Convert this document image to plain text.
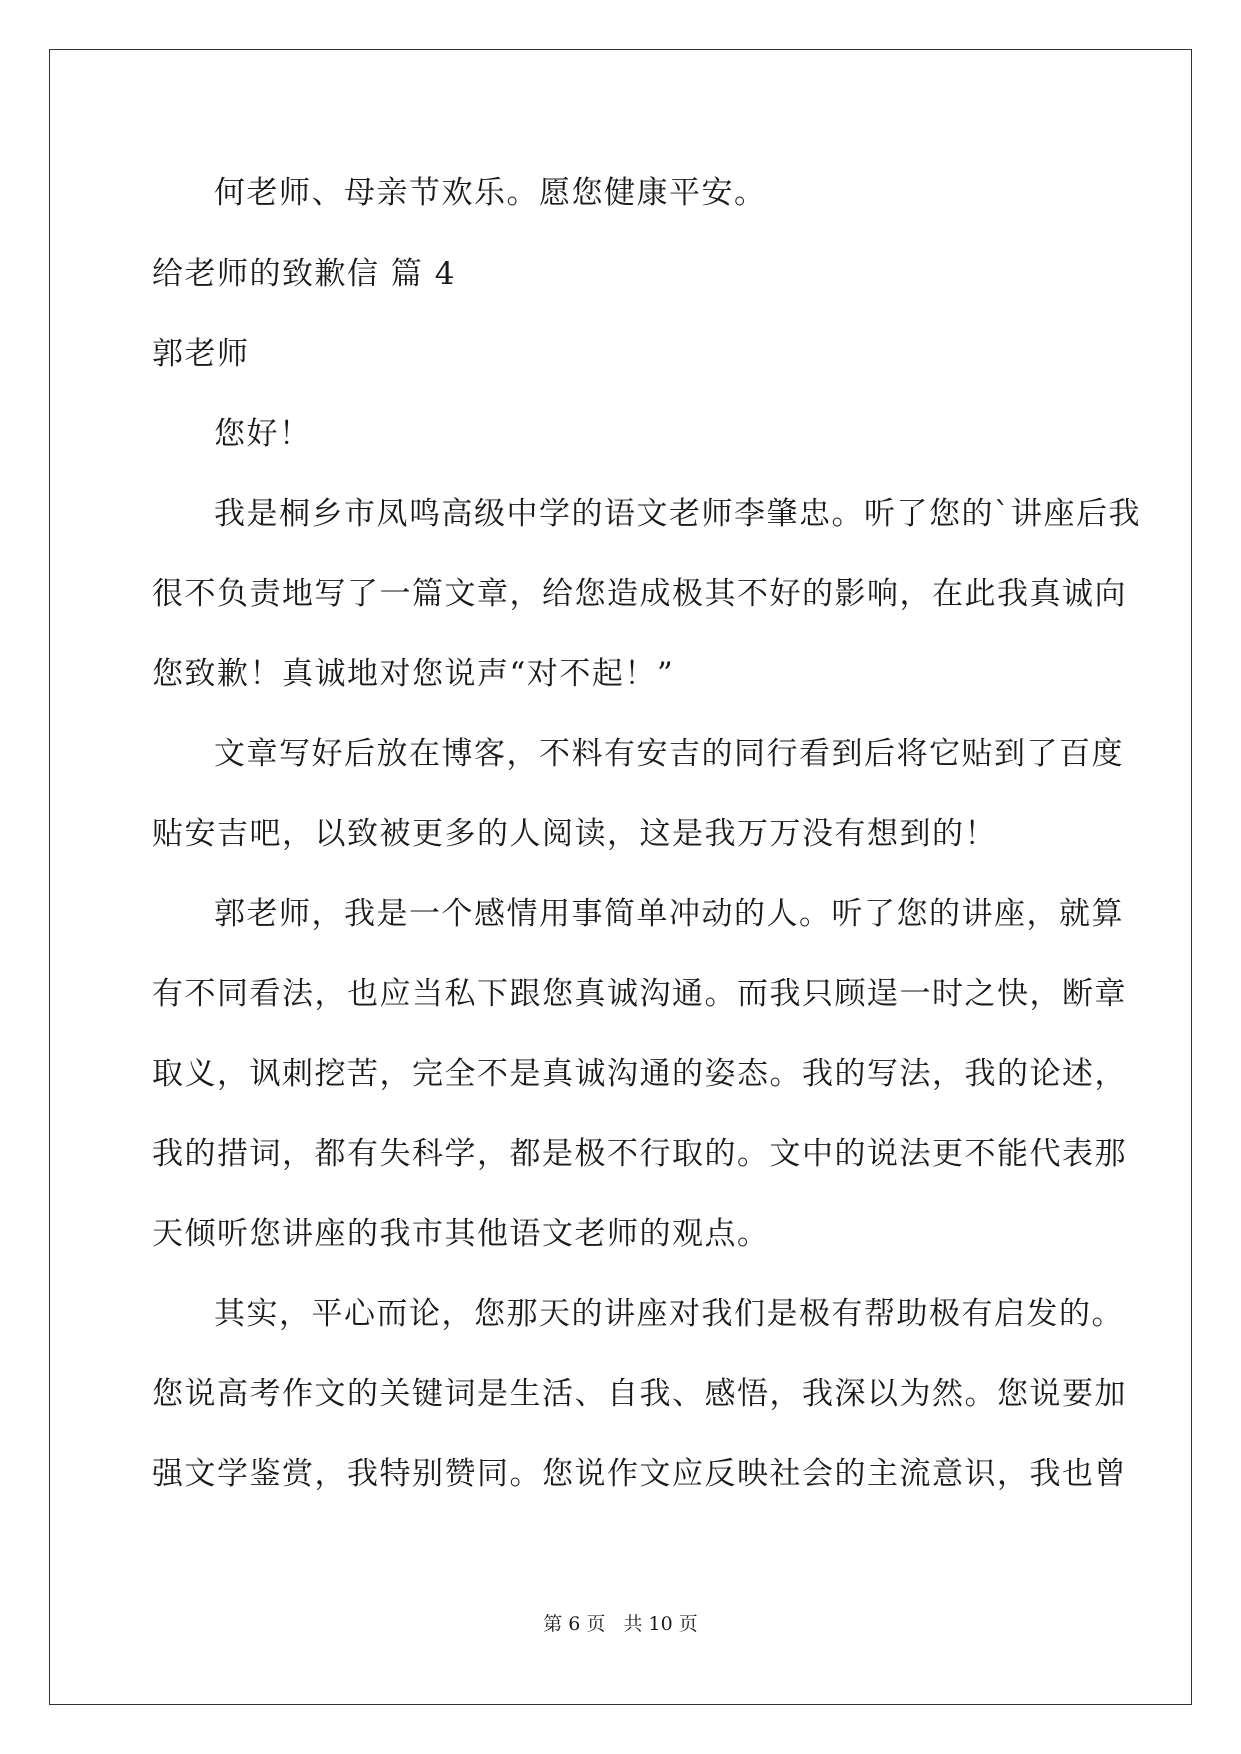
何老师、母亲节欢乐。愿您健康平安。
给老师的致歉信 篇 4
郭老师
您好！
我是桐乡市凤鸣高级中学的语文老师李肇忠。听了您的`讲座后我
很不负责地写了一篇文章，给您造成极其不好的影响，在此我真诚向
您致歉！真诚地对您说声“对不起！”
文章写好后放在博客，不料有安吉的同行看到后将它贴到了百度
贴安吉吧，以致被更多的人阅读，这是我万万没有想到的！
郭老师，我是一个感情用事简单冲动的人。听了您的讲座，就算
有不同看法，也应当私下跟您真诚沟通。而我只顾逞一时之快，断章
取义，讽刺挖苦，完全不是真诚沟通的姿态。我的写法，我的论述，
我的措词，都有失科学，都是极不行取的。文中的说法更不能代表那
天倾听您讲座的我市其他语文老师的观点。
其实，平心而论，您那天的讲座对我们是极有帮助极有启发的。
您说高考作文的关键词是生活、自我、感悟，我深以为然。您说要加
强文学鉴赏，我特别赞同。您说作文应反映社会的主流意识，我也曾
第 6 页   共 10 页
